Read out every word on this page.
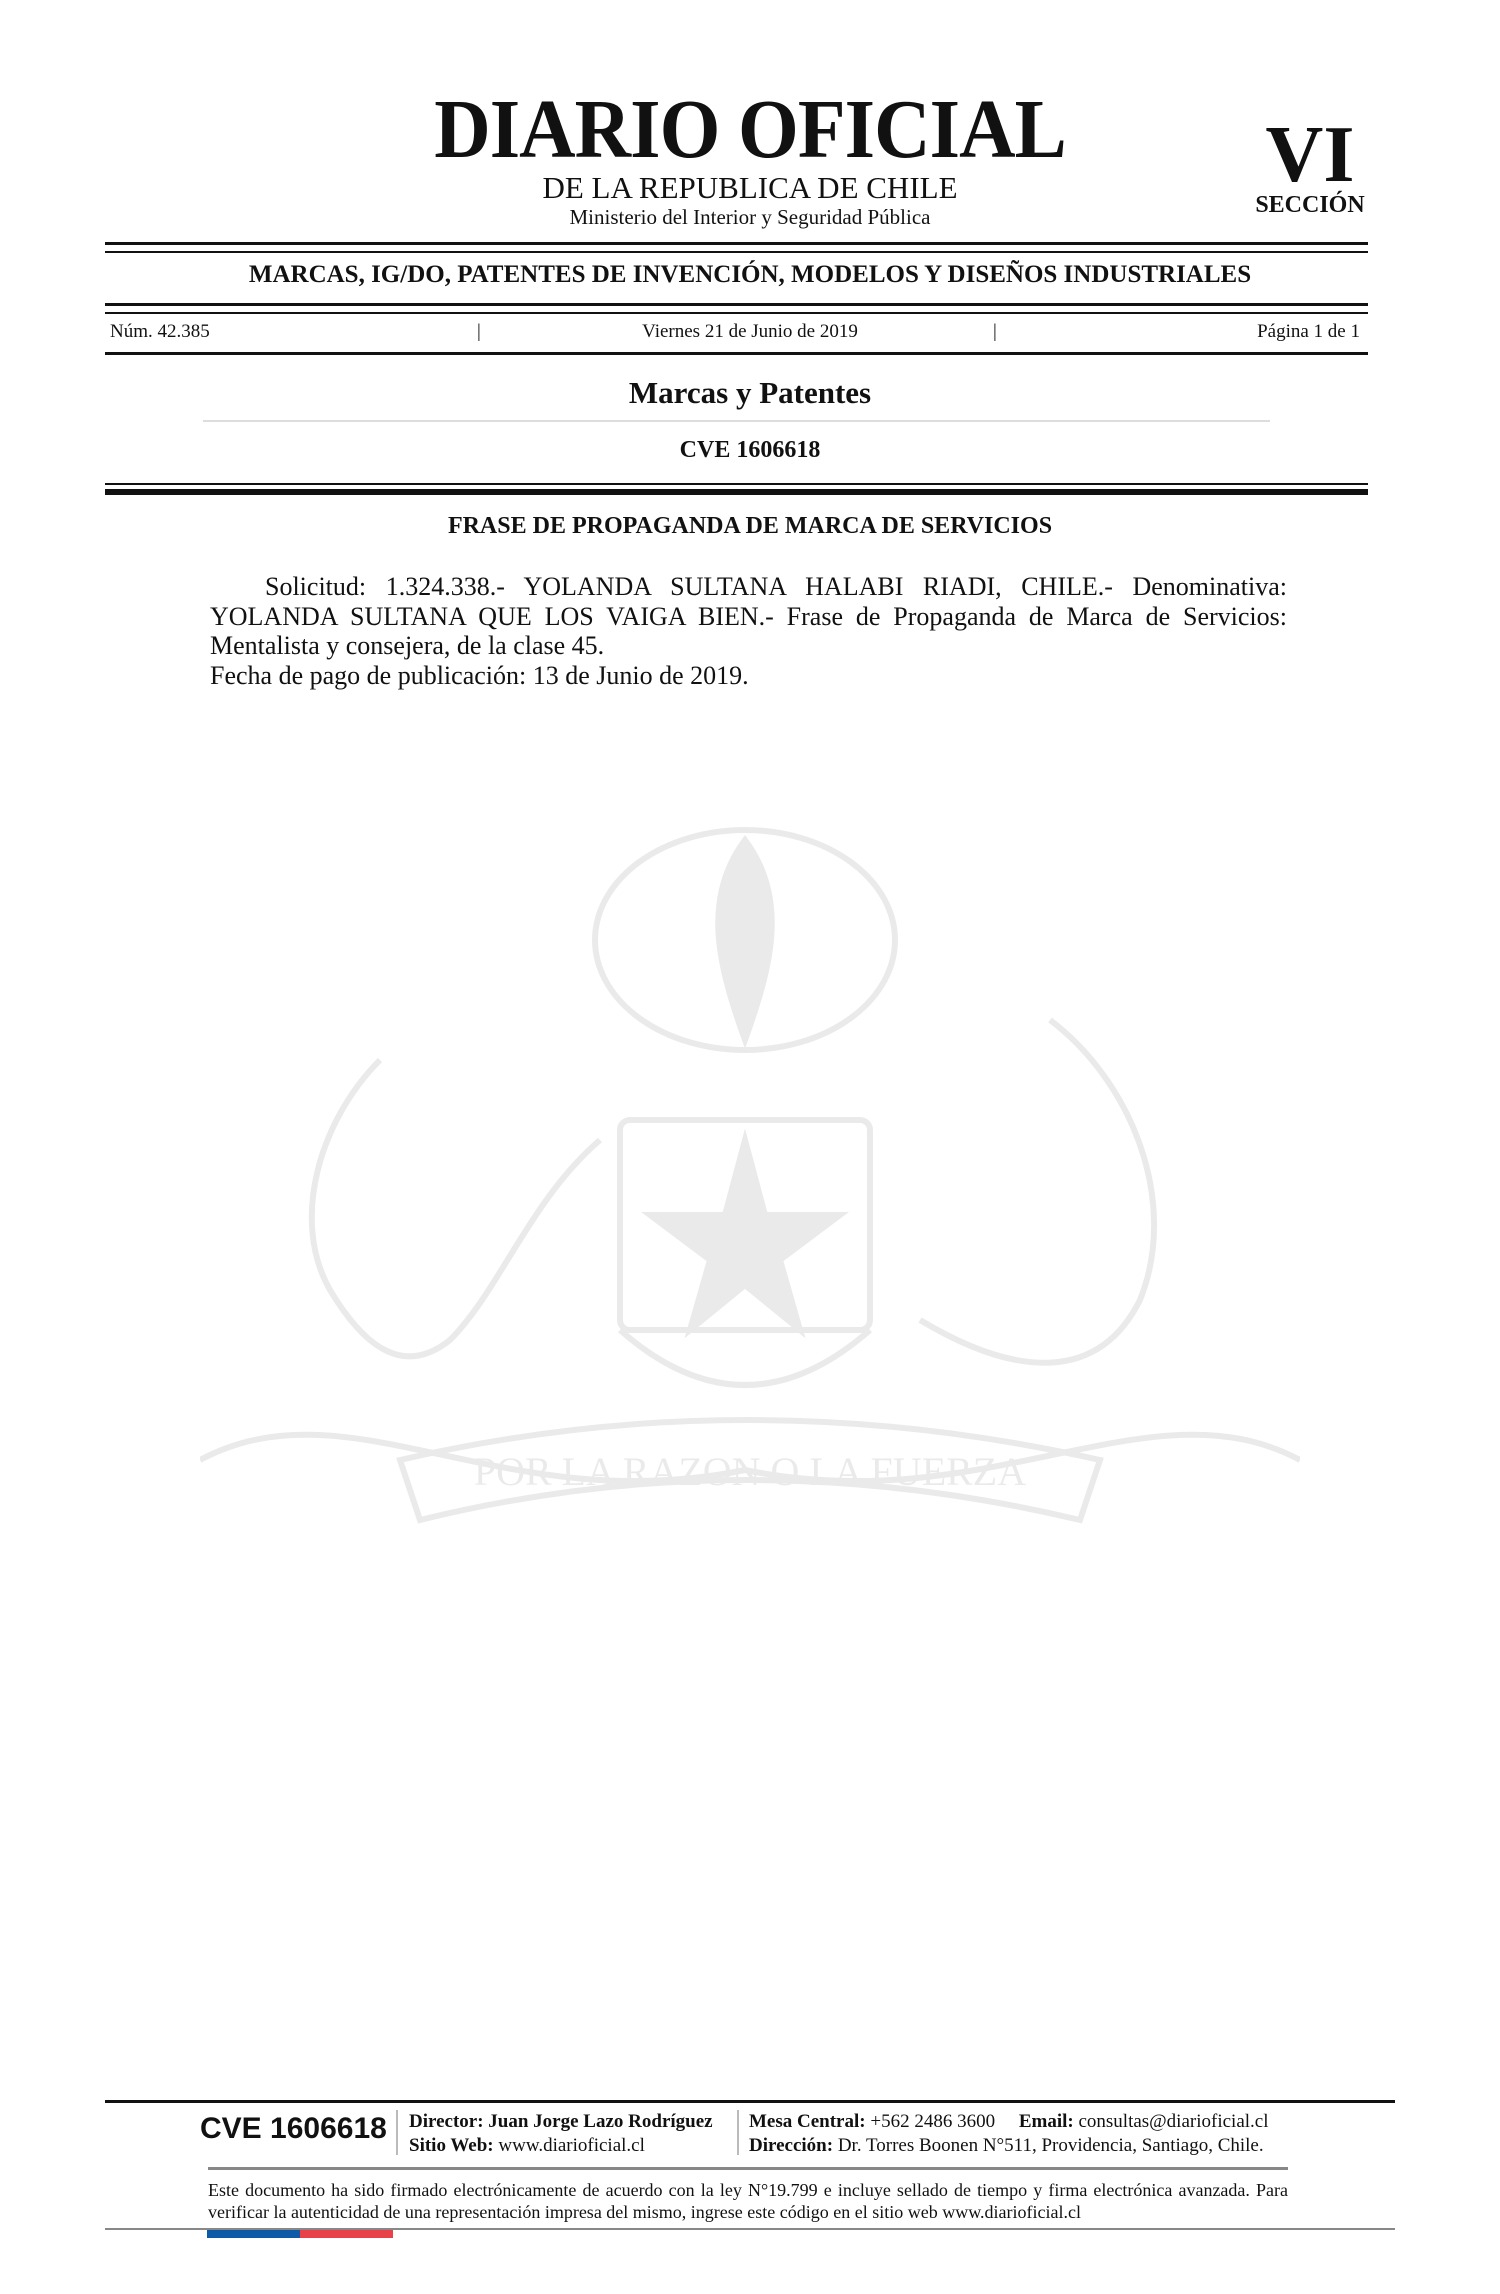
DIARIO OFICIAL
DE LA REPUBLICA DE CHILE
Ministerio del Interior y Seguridad Pública
VI
SECCIÓN
MARCAS, IG/DO, PATENTES DE INVENCIÓN, MODELOS Y DISEÑOS INDUSTRIALES
Núm. 42.385	|	Viernes 21 de Junio de 2019	|	Página 1 de 1
Marcas y Patentes
CVE 1606618
FRASE DE PROPAGANDA DE MARCA DE SERVICIOS

Solicitud: 1.324.338.- YOLANDA SULTANA HALABI RIADI, CHILE.- Denominativa: YOLANDA SULTANA QUE LOS VAIGA BIEN.- Frase de Propaganda de Marca de Servicios: Mentalista y consejera, de la clase 45.

Fecha de pago de publicación: 13 de Junio de 2019.

POR LA RAZON O LA FUERZA
CVE 1606618 Director: Juan Jorge Lazo Rodríguez
Sitio Web: www.diarioficial.cl
Mesa Central: +562 2486 3600 Email: consultas@diarioficial.cl
Dirección: Dr. Torres Boonen N°511, Providencia, Santiago, Chile.
Este documento ha sido firmado electrónicamente de acuerdo con la ley N°19.799 e incluye sellado de tiempo y firma electrónica avanzada. Para verificar la autenticidad de una representación impresa del mismo, ingrese este código en el sitio web www.diarioficial.cl
